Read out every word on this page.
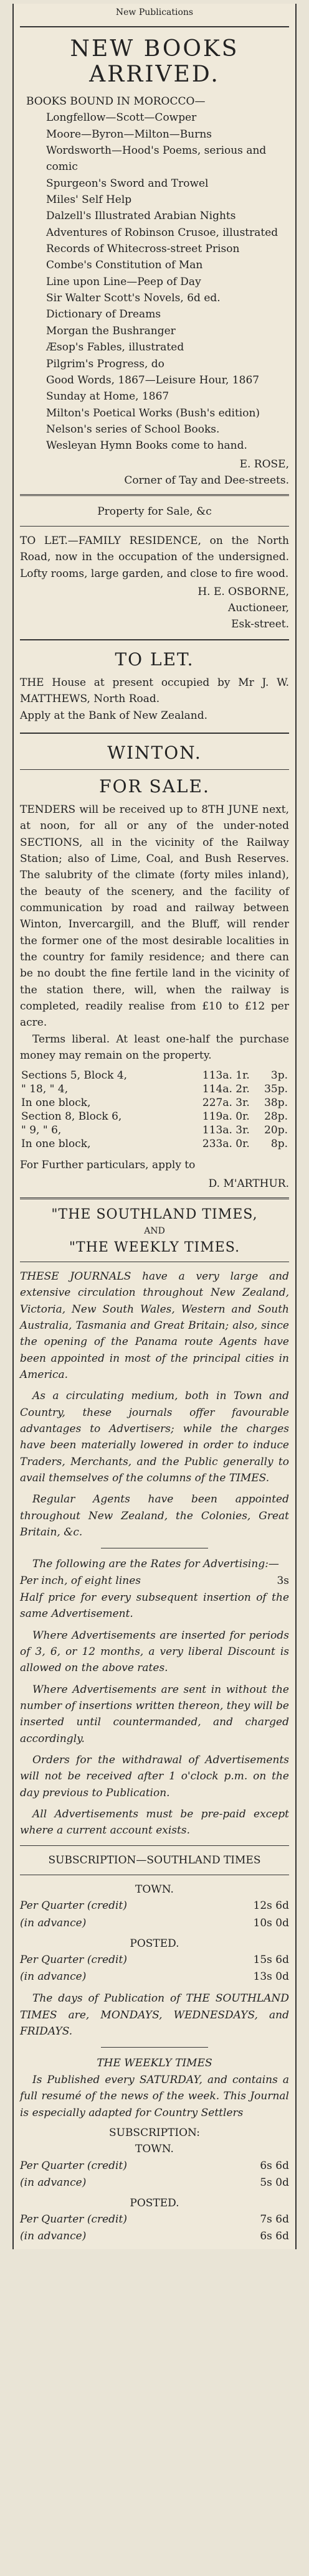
New Publications
NEW BOOKS ARRIVED.
BOOKS BOUND IN MOROCCO—
Longfellow—Scott—Cowper
Moore—Byron—Milton—Burns
Wordsworth—Hood's Poems, serious and comic
Spurgeon's Sword and Trowel
Miles' Self Help
Dalzell's Illustrated Arabian Nights
Adventures of Robinson Crusoe, illustrated
Records of Whitecross-street Prison
Combe's Constitution of Man
Line upon Line—Peep of Day
Sir Walter Scott's Novels, 6d ed.
Dictionary of Dreams
Morgan the Bushranger
Æsop's Fables, illustrated
Pilgrim's Progress, do
Good Words, 1867—Leisure Hour, 1867
Sunday at Home, 1867
Milton's Poetical Works (Bush's edition)
Nelson's series of School Books.
Wesleyan Hymn Books come to hand.
E. ROSE,
Corner of Tay and Dee-streets.
Property for Sale, &c
TO LET.—FAMILY RESIDENCE, on the North Road, now in the occupation of the undersigned. Lofty rooms, large garden, and close to fire wood.
H. E. OSBORNE,
Auctioneer,
Esk-street.
TO LET.
THE House at present occupied by Mr J. W. MATTHEWS, North Road.
Apply at the Bank of New Zealand.
WINTON.
FOR SALE.
TENDERS will be received up to 8TH JUNE next, at noon, for all or any of the under-noted SECTIONS, all in the vicinity of the Railway Station; also of Lime, Coal, and Bush Reserves. The salubrity of the climate (forty miles inland), the beauty of the scenery, and the facility of communication by road and railway between Winton, Invercargill, and the Bluff, will render the former one of the most desirable localities in the country for family residence; and there can be no doubt the fine fertile land in the vicinity of the station there, will, when the railway is completed, readily realise from £10 to £12 per acre.
Terms liberal. At least one-half the purchase money may remain on the property.
Sections 5, Block 4,	113a. 1r.	3p.
" 18, " 4,	114a. 2r.	35p.
In one block,	227a. 3r.	38p.
Section 8, Block 6,	119a. 0r.	28p.
" 9, " 6,	113a. 3r.	20p.
In one block,	233a. 0r.	8p.
For Further particulars, apply to
D. M'ARTHUR.
"THE SOUTHLAND TIMES,
AND
"THE WEEKLY TIMES.
THESE JOURNALS have a very large and extensive circulation throughout New Zealand, Victoria, New South Wales, Western and South Australia, Tasmania and Great Britain; also, since the opening of the Panama route Agents have been appointed in most of the principal cities in America.
As a circulating medium, both in Town and Country, these journals offer favourable advantages to Advertisers; while the charges have been materially lowered in order to induce Traders, Merchants, and the Public generally to avail themselves of the columns of the TIMES.
Regular Agents have been appointed throughout New Zealand, the Colonies, Great Britain, &c.
The following are the Rates for Advertising:—
Per inch, of eight lines	3s
Half price for every subsequent insertion of the same Advertisement.
Where Advertisements are inserted for periods of 3, 6, or 12 months, a very liberal Discount is allowed on the above rates.
Where Advertisements are sent in without the number of insertions written thereon, they will be inserted until countermanded, and charged accordingly.
Orders for the withdrawal of Advertisements will not be received after 1 o'clock p.m. on the day previous to Publication.
All Advertisements must be pre-paid except where a current account exists.
SUBSCRIPTION—SOUTHLAND TIMES
TOWN.
Per Quarter (credit)	12s 6d
(in advance)	10s 0d
POSTED.
Per Quarter (credit)	15s 6d
(in advance)	13s 0d
The days of Publication of THE SOUTHLAND TIMES are, MONDAYS, WEDNESDAYS, and FRIDAYS.
THE WEEKLY TIMES
Is Published every SATURDAY, and contains a full resumé of the news of the week. This Journal is especially adapted for Country Settlers
SUBSCRIPTION:
TOWN.
Per Quarter (credit)	6s 6d
(in advance)	5s 0d
POSTED.
Per Quarter (credit)	7s 6d
(in advance)	6s 6d
